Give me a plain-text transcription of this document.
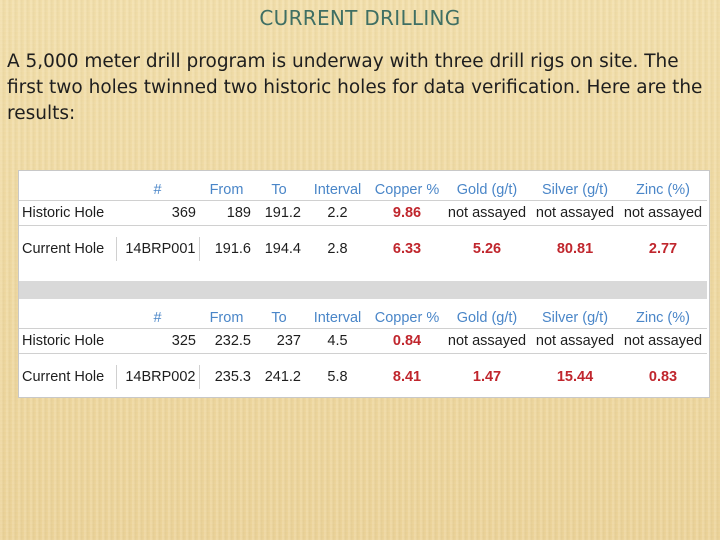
CURRENT DRILLING
A 5,000 meter drill program is underway with three drill rigs on site. The first two holes twinned two historic holes for data verification. Here are the results:
	#	From	To	Interval	Copper %	Gold (g/t)	Silver (g/t)	Zinc (%)
Historic Hole	369	189	191.2	2.2	9.86	not assayed	not assayed	not assayed

Current Hole	14BRP001	191.6	194.4	2.8	6.33	5.26	80.81	2.77

	#	From	To	Interval	Copper %	Gold (g/t)	Silver (g/t)	Zinc (%)
Historic Hole	325	232.5	237	4.5	0.84	not assayed	not assayed	not assayed

Current Hole	14BRP002	235.3	241.2	5.8	8.41	1.47	15.44	0.83
